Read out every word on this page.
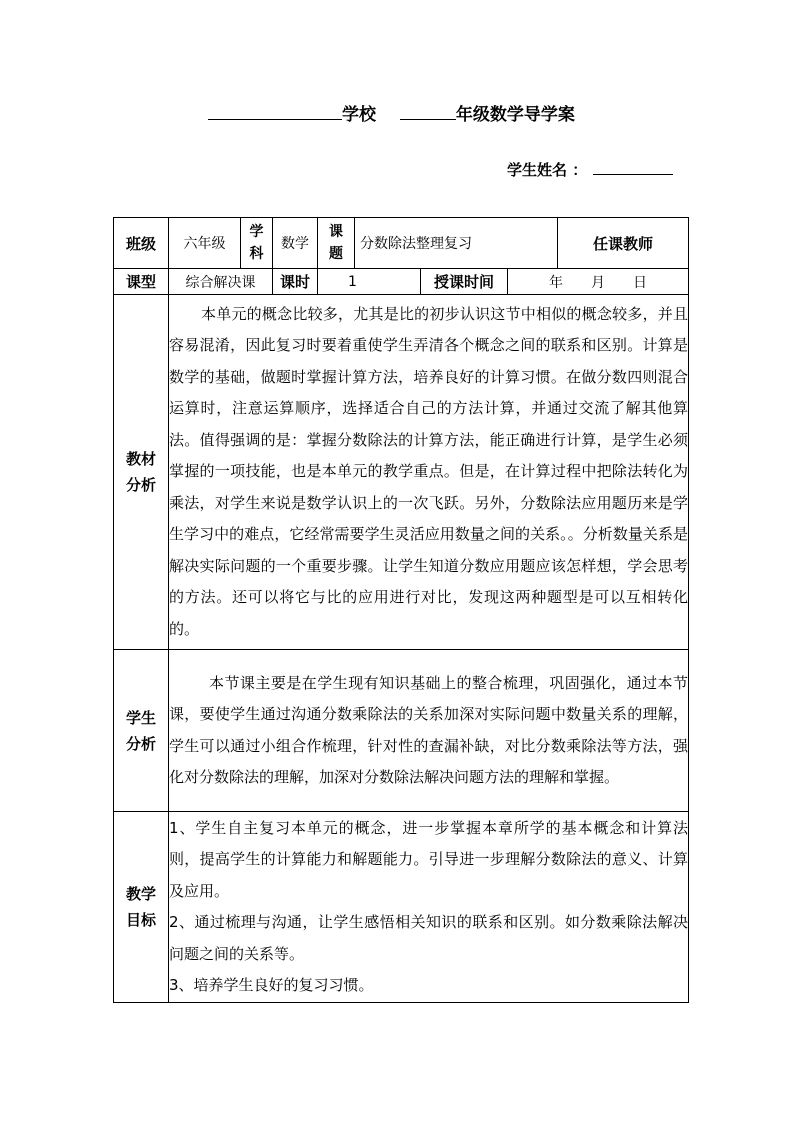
学校	年级数学导学案
学生姓名 ：
班级	六年级	学科	数学	课题	分数除法整理复习			任课教师
课型	综合解决课		课时	1		授课时间	年　　月　　日	

教材分析	本单元的概念比较多，尤其是比的初步认识这节中相似的概念较多，并且容易混淆，因此复习时要着重使学生弄清各个概念之间的联系和区别。计算是数学的基础，做题时掌握计算方法，培养良好的计算习惯。在做分数四则混合运算时，注意运算顺序，选择适合自己的方法计算，并通过交流了解其他算法。值得强调的是：掌握分数除法的计算方法，能正确进行计算，是学生必须掌握的一项技能，也是本单元的教学重点。但是，在计算过程中把除法转化为乘法，对学生来说是数学认识上的一次飞跃。另外，分数除法应用题历来是学生学习中的难点，它经常需要学生灵活应用数量之间的关系。。分析数量关系是解决实际问题的一个重要步骤。让学生知道分数应用题应该怎样想，学会思考的方法。还可以将它与比的应用进行对比，发现这两种题型是可以互相转化的。							

学生分析	本节课主要是在学生现有知识基础上的整合梳理，巩固强化，通过本节课，要使学生通过沟通分数乘除法的关系加深对实际问题中数量关系的理解，学生可以通过小组合作梳理，针对性的查漏补缺，对比分数乘除法等方法，强化对分数除法的理解，加深对分数除法解决问题方法的理解和掌握。							

教学目标	1、学生自主复习本单元的概念，进一步掌握本章所学的基本概念和计算法则，提高学生的计算能力和解题能力。引导进一步理解分数除法的意义、计算及应用。
2、通过梳理与沟通，让学生感悟相关知识的联系和区别。如分数乘除法解决问题之间的关系等。
3、培养学生良好的复习习惯。							
